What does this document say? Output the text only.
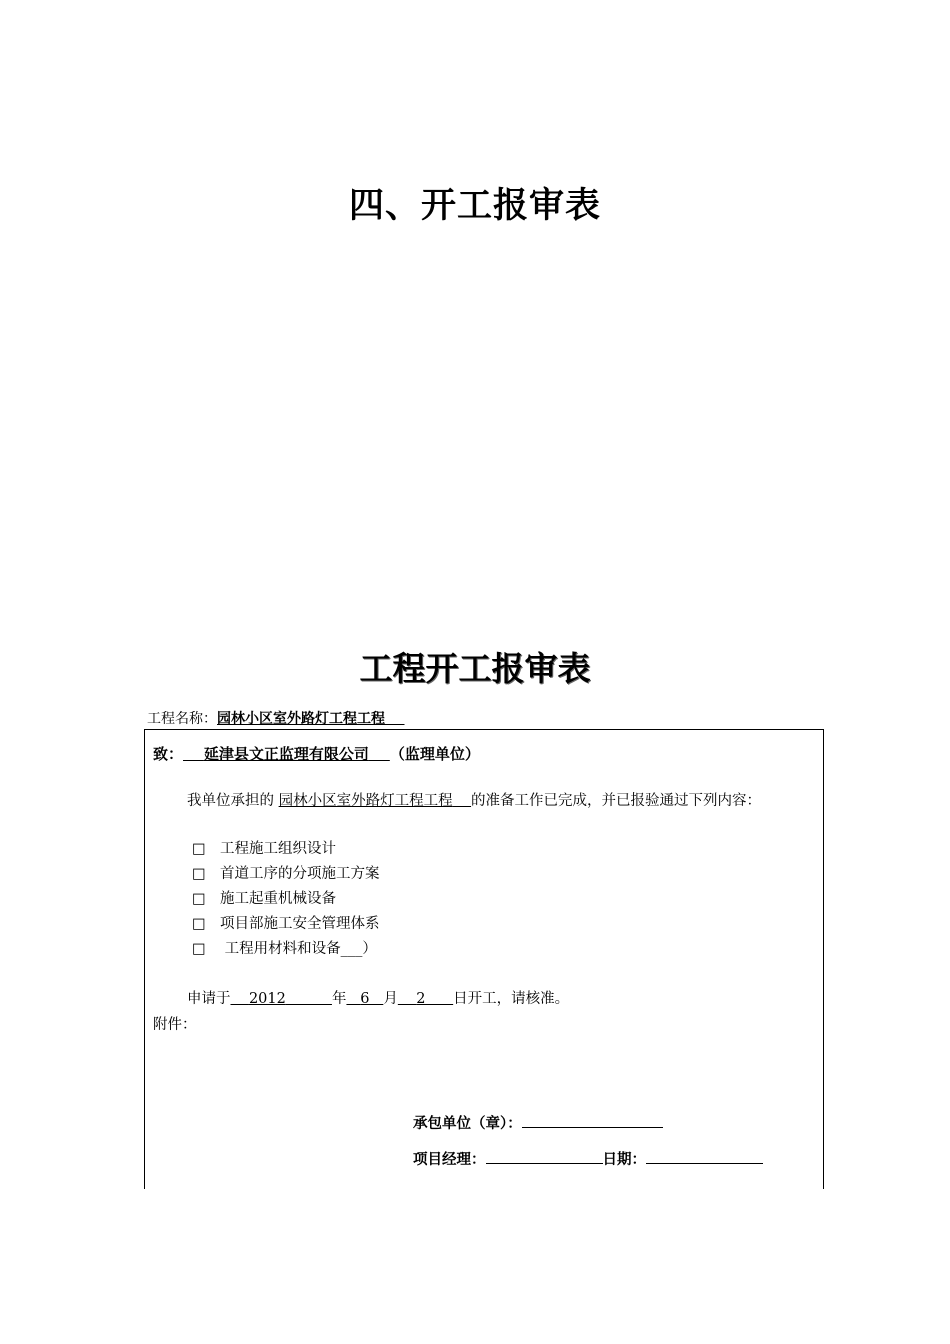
四、开工报审表
工程开工报审表
工程名称：园林小区室外路灯工程工程
致： 延津县文正监理有限公司 （监理单位）
我单位承担的 园林小区室外路灯工程工程 的准备工作已完成，并已报验通过下列内容：
□ 工程施工组织设计
□ 首道工序的分项施工方案
□ 施工起重机械设备
□ 项目部施工安全管理体系
□ 工程用材料和设备___）
申请于 2012	年 6 月 2 日开工，请核准。
附件：
承包单位（章）：
项目经理：	日期：
